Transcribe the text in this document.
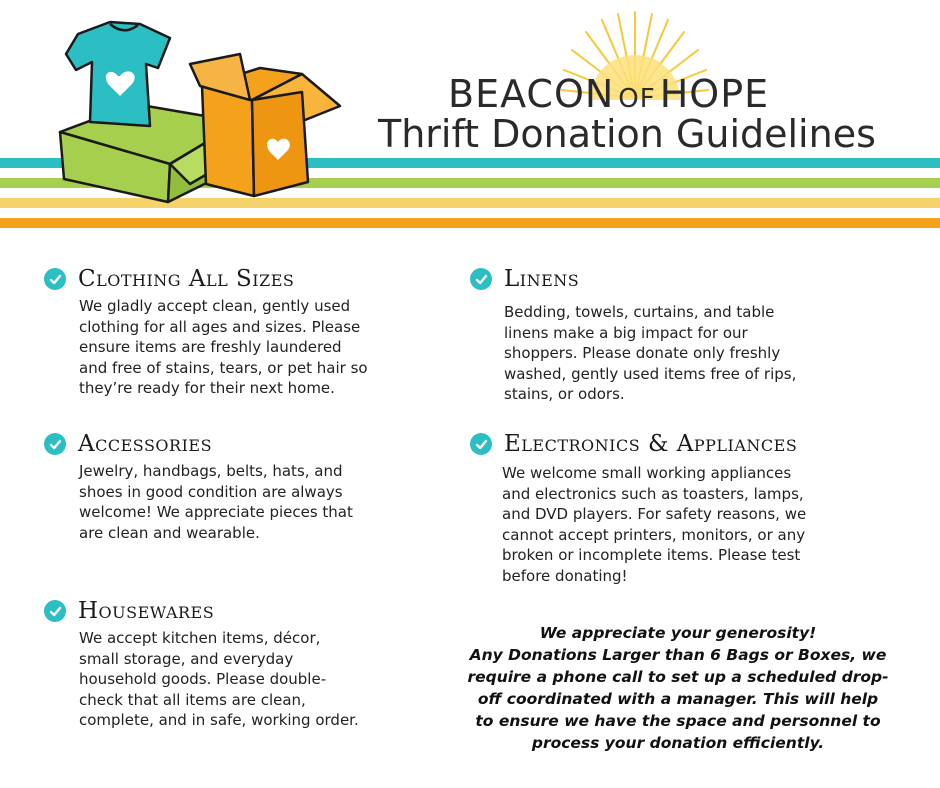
BEACON OF HOPE
Thrift Donation Guidelines
Clothing All Sizes
We gladly accept clean, gently used
clothing for all ages and sizes. Please
ensure items are freshly laundered
and free of stains, tears, or pet hair so
they’re ready for their next home.
Linens
Bedding, towels, curtains, and table
linens make a big impact for our
shoppers. Please donate only freshly
washed, gently used items free of rips,
stains, or odors.
Accessories
Jewelry, handbags, belts, hats, and
shoes in good condition are always
welcome! We appreciate pieces that
are clean and wearable.
Electronics & Appliances
We welcome small working appliances
and electronics such as toasters, lamps,
and DVD players. For safety reasons, we
cannot accept printers, monitors, or any
broken or incomplete items. Please test
before donating!
Housewares
We accept kitchen items, décor,
small storage, and everyday
household goods. Please double-
check that all items are clean,
complete, and in safe, working order.
We appreciate your generosity!
Any Donations Larger than 6 Bags or Boxes, we
require a phone call to set up a scheduled drop-
off coordinated with a manager. This will help
to ensure we have the space and personnel to
process your donation efficiently.
